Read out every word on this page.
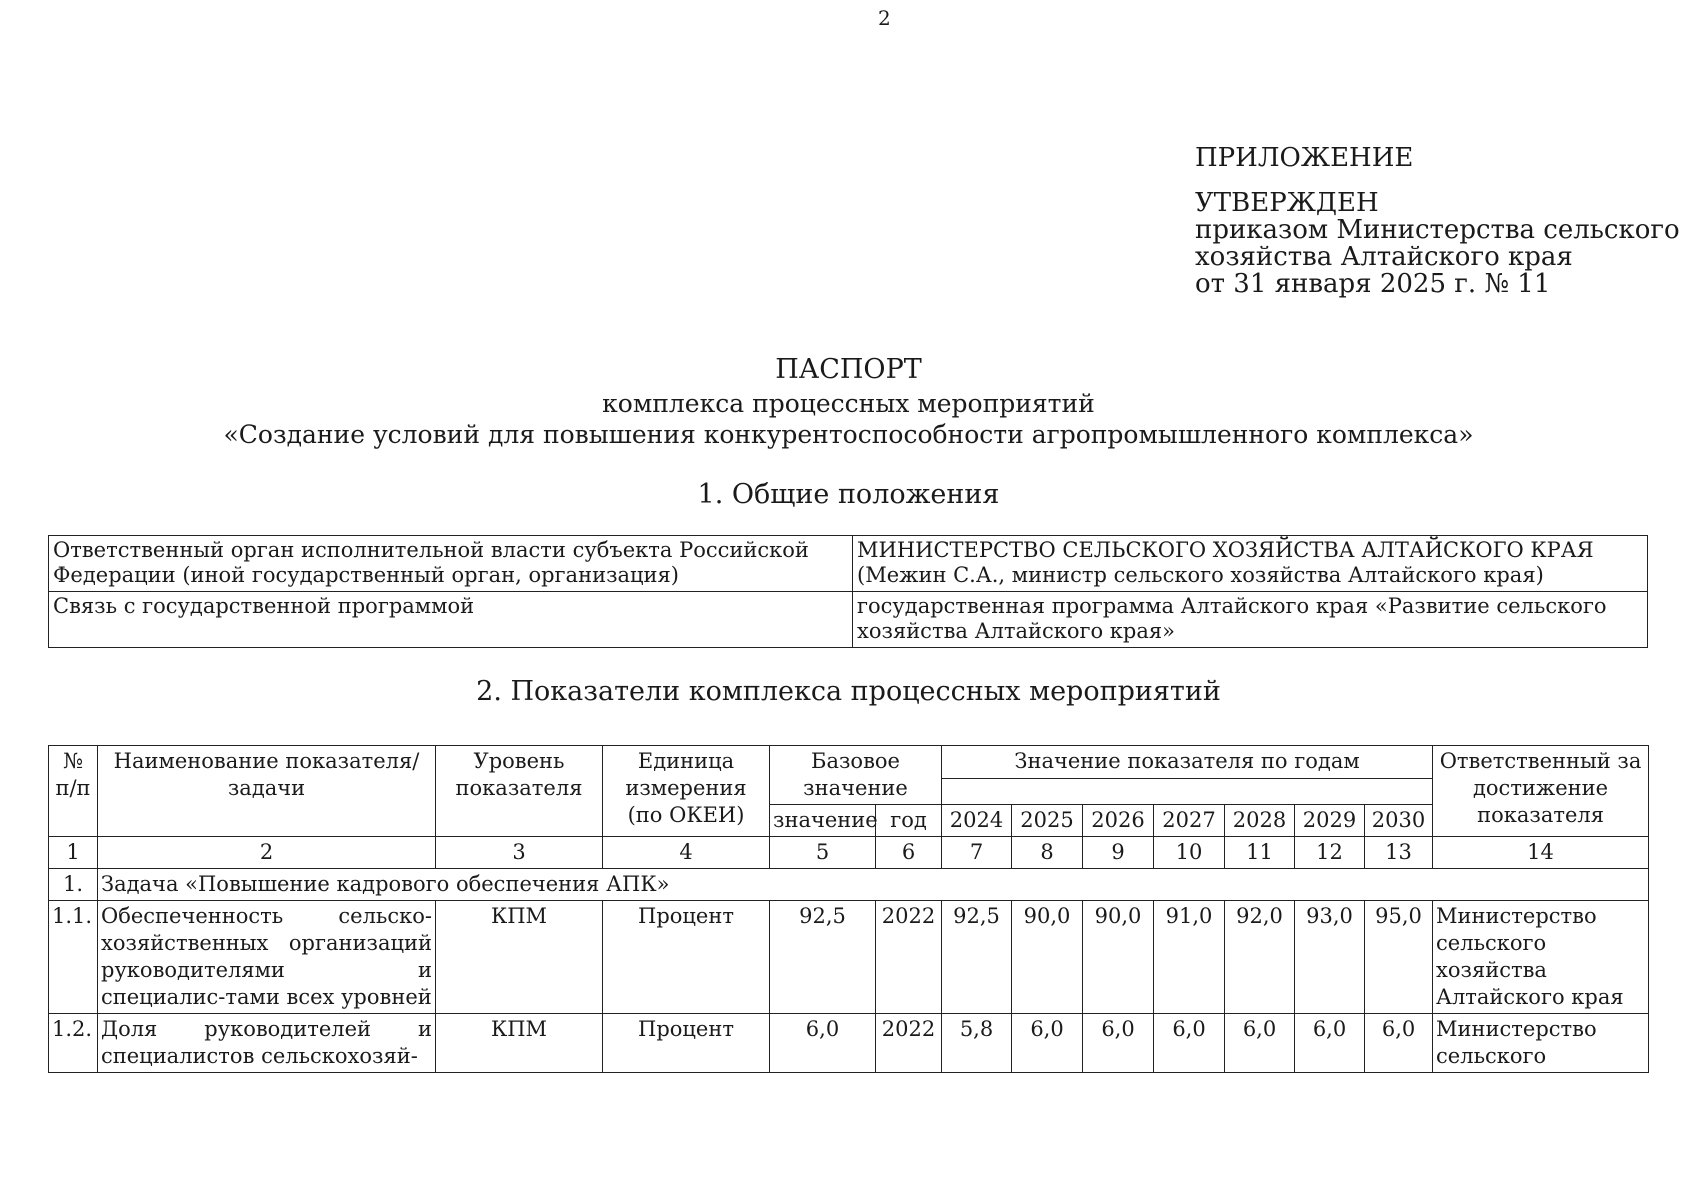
2
ПРИЛОЖЕНИЕ
УТВЕРЖДЕН
приказом Министерства сельского
хозяйства Алтайского края
от 31 января 2025 г. № 11
ПАСПОРТ
комплекса процессных мероприятий
«Создание условий для повышения конкурентоспособности агропромышленного комплекса»
1. Общие положения
Ответственный орган исполнительной власти субъекта Российской Федерации (иной государственный орган, организация)	МИНИСТЕРСТВО СЕЛЬСКОГО ХОЗЯЙСТВА АЛТАЙСКОГО КРАЯ
(Межин С.А., министр сельского хозяйства Алтайского края)

Связь с государственной программой	государственная программа Алтайского края «Развитие сельского хозяйства Алтайского края»
2. Показатели комплекса процессных мероприятий
№ п/п	Наименование показателя/задачи	Уровень показателя	Единица измерения (по ОКЕИ)	Базовое значение		Значение показателя по годам							Ответственный за достижение показателя

				значение	год	2024	2025	2026	2027	2028	2029	2030	
1	2	3	4	5	6	7	8	9	10	11	12	13	14
1.	Задача «Повышение кадрового обеспечения АПК»												
1.1.	Обеспеченность сельско-хозяйственных организаций руководителями и специалис-тами всех уровней	КПМ	Процент	92,5	2022	92,5	90,0	90,0	91,0	92,0	93,0	95,0	Министерство сельского хозяйства Алтайского края
1.2.	Доля руководителей и специалистов сельскохозяй-	КПМ	Процент	6,0	2022	5,8	6,0	6,0	6,0	6,0	6,0	6,0	Министерство сельского
